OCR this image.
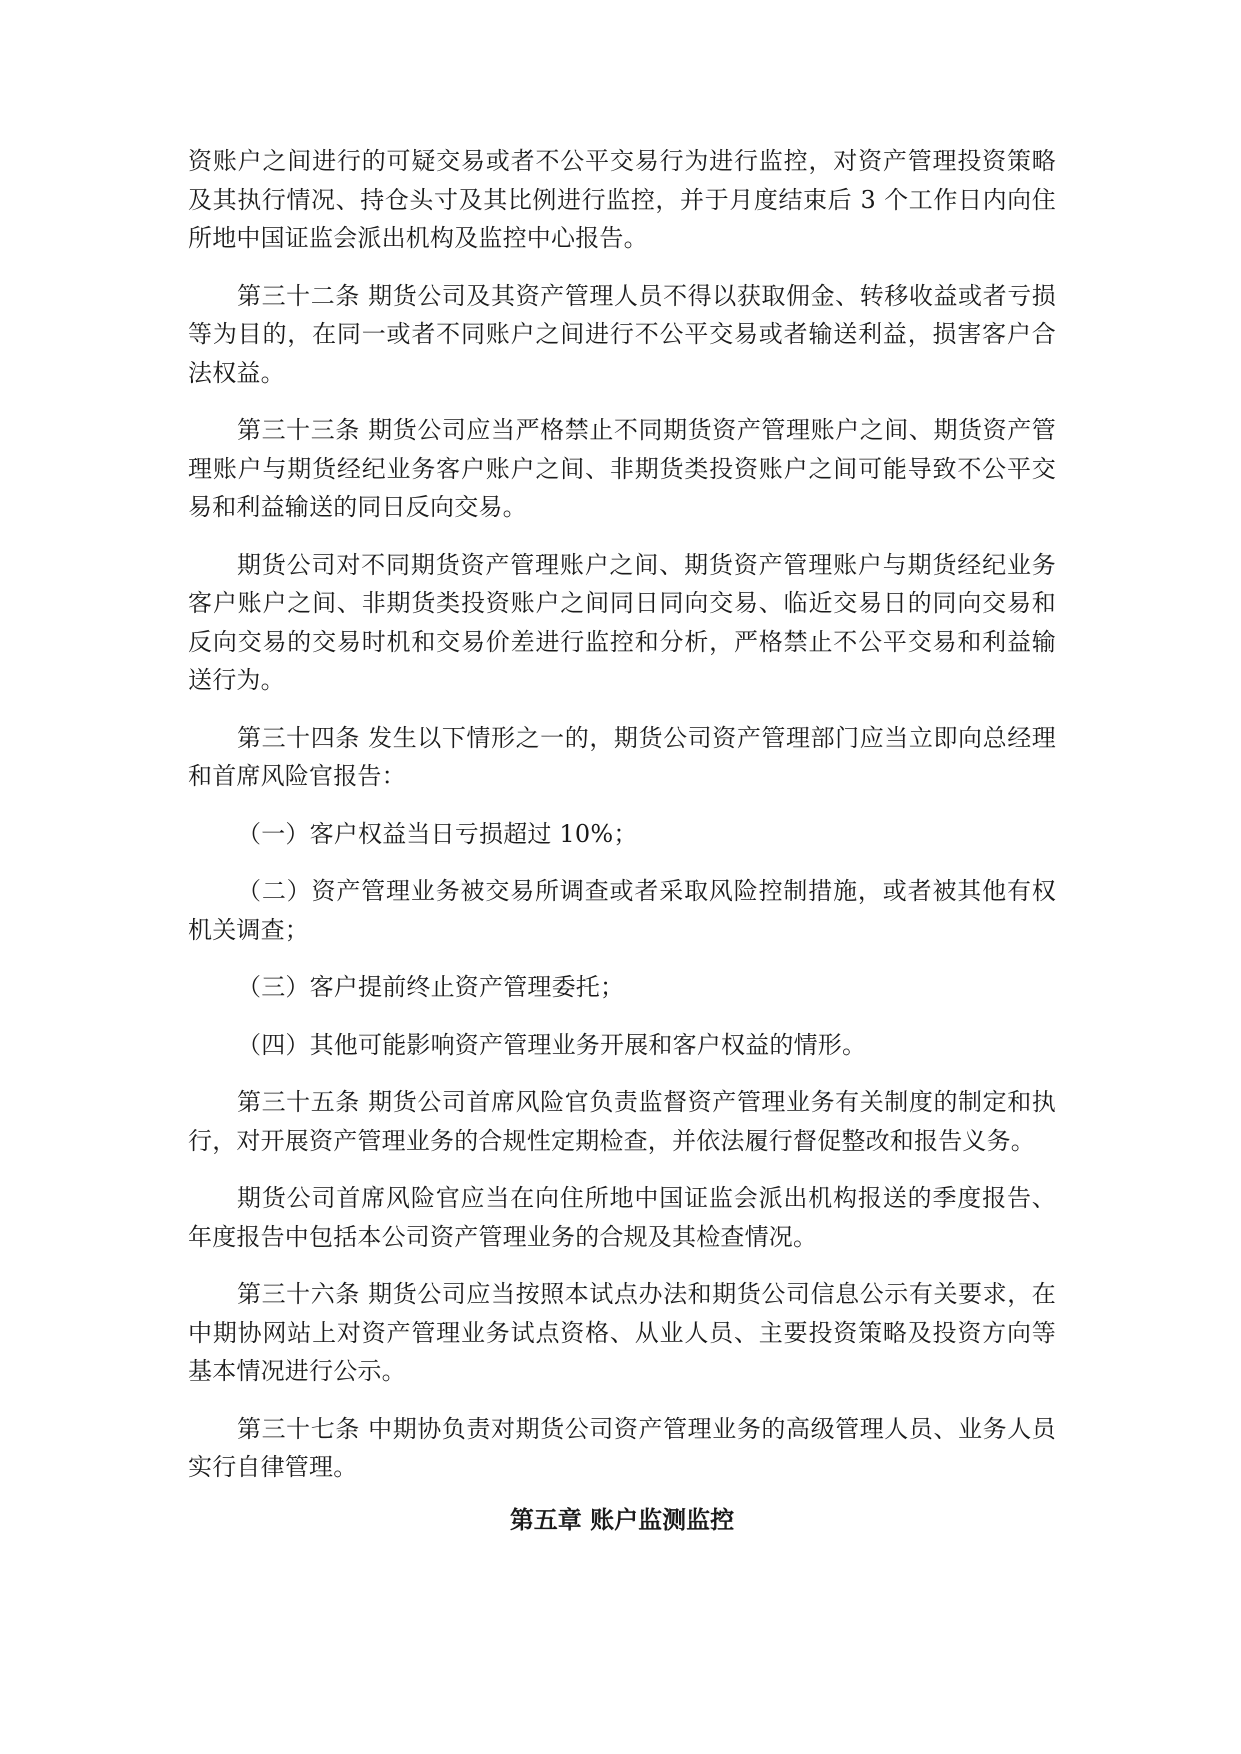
资账户之间进行的可疑交易或者不公平交易行为进行监控，对资产管理投资策略及其执行情况、持仓头寸及其比例进行监控，并于月度结束后 3 个工作日内向住所地中国证监会派出机构及监控中心报告。

第三十二条 期货公司及其资产管理人员不得以获取佣金、转移收益或者亏损等为目的，在同一或者不同账户之间进行不公平交易或者输送利益，损害客户合法权益。

第三十三条 期货公司应当严格禁止不同期货资产管理账户之间、期货资产管理账户与期货经纪业务客户账户之间、非期货类投资账户之间可能导致不公平交易和利益输送的同日反向交易。

期货公司对不同期货资产管理账户之间、期货资产管理账户与期货经纪业务客户账户之间、非期货类投资账户之间同日同向交易、临近交易日的同向交易和反向交易的交易时机和交易价差进行监控和分析，严格禁止不公平交易和利益输送行为。

第三十四条 发生以下情形之一的，期货公司资产管理部门应当立即向总经理和首席风险官报告：

（一）客户权益当日亏损超过 10%；

（二）资产管理业务被交易所调查或者采取风险控制措施，或者被其他有权机关调查；

（三）客户提前终止资产管理委托；

（四）其他可能影响资产管理业务开展和客户权益的情形。

第三十五条 期货公司首席风险官负责监督资产管理业务有关制度的制定和执行，对开展资产管理业务的合规性定期检查，并依法履行督促整改和报告义务。

期货公司首席风险官应当在向住所地中国证监会派出机构报送的季度报告、年度报告中包括本公司资产管理业务的合规及其检查情况。

第三十六条 期货公司应当按照本试点办法和期货公司信息公示有关要求，在中期协网站上对资产管理业务试点资格、从业人员、主要投资策略及投资方向等基本情况进行公示。

第三十七条 中期协负责对期货公司资产管理业务的高级管理人员、业务人员实行自律管理。

第五章 账户监测监控
